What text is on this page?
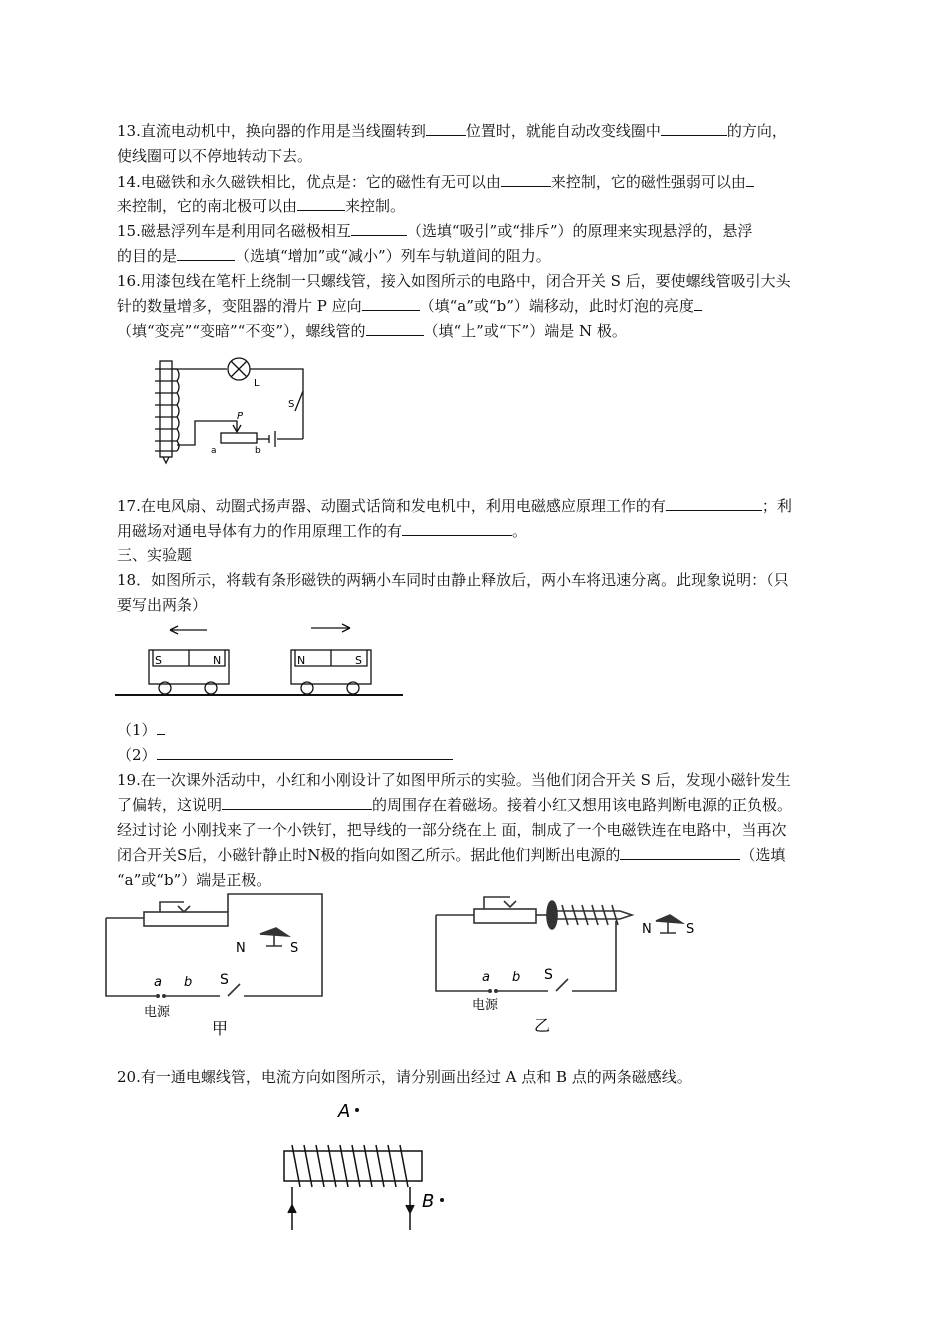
13.直流电动机中，换向器的作用是当线圈转到	位置时，就能自动改变线圈中	的方向，
使线圈可以不停地转动下去。
14.电磁铁和永久磁铁相比，优点是：它的磁性有无可以由	来控制，它的磁性强弱可以由
来控制，它的南北极可以由	来控制。
15.磁悬浮列车是利用同名磁极相互	（选填“吸引”或“排斥”）的原理来实现悬浮的，悬浮
的目的是	（选填“增加”或“减小”）列车与轨道间的阻力。
16.用漆包线在笔杆上绕制一只螺线管，接入如图所示的电路中，闭合开关 S 后，要使螺线管吸引大头
针的数量增多，变阻器的滑片 P 应向	（填“a”或“b”）端移动，此时灯泡的亮度
（填“变亮”“变暗”“不变”），螺线管的	（填“上”或“下”）端是 N 极。
L
S
P
a	b
17.在电风扇、动圈式扬声器、动圈式话筒和发电机中，利用电磁感应原理工作的有	；利
用磁场对通电导体有力的作用原理工作的有	。
三、实验题
18．如图所示，将载有条形磁铁的两辆小车同时由静止释放后，两小车将迅速分离。此现象说明：（只
要写出两条）
S	N	N	S
（1）
（2）
19.在一次课外活动中，小红和小刚设计了如图甲所示的实验。当他们闭合开关 S 后，发现小磁针发生
了偏转，这说明	的周围存在着磁场。接着小红又想用该电路判断电源的正负极。
经过讨论 小刚找来了一个小铁钉，把导线的一部分绕在上 面，制成了一个电磁铁连在电路中，当再次
闭合开关S后，小磁针静止时N极的指向如图乙所示。据此他们判断出电源的	（选填
“a”或“b”）端是正极。
N	S
a b S
电源
甲
N	S
a b S
电源
乙
20.有一通电螺线管，电流方向如图所示，请分别画出经过 A 点和 B 点的两条磁感线。
A
B
